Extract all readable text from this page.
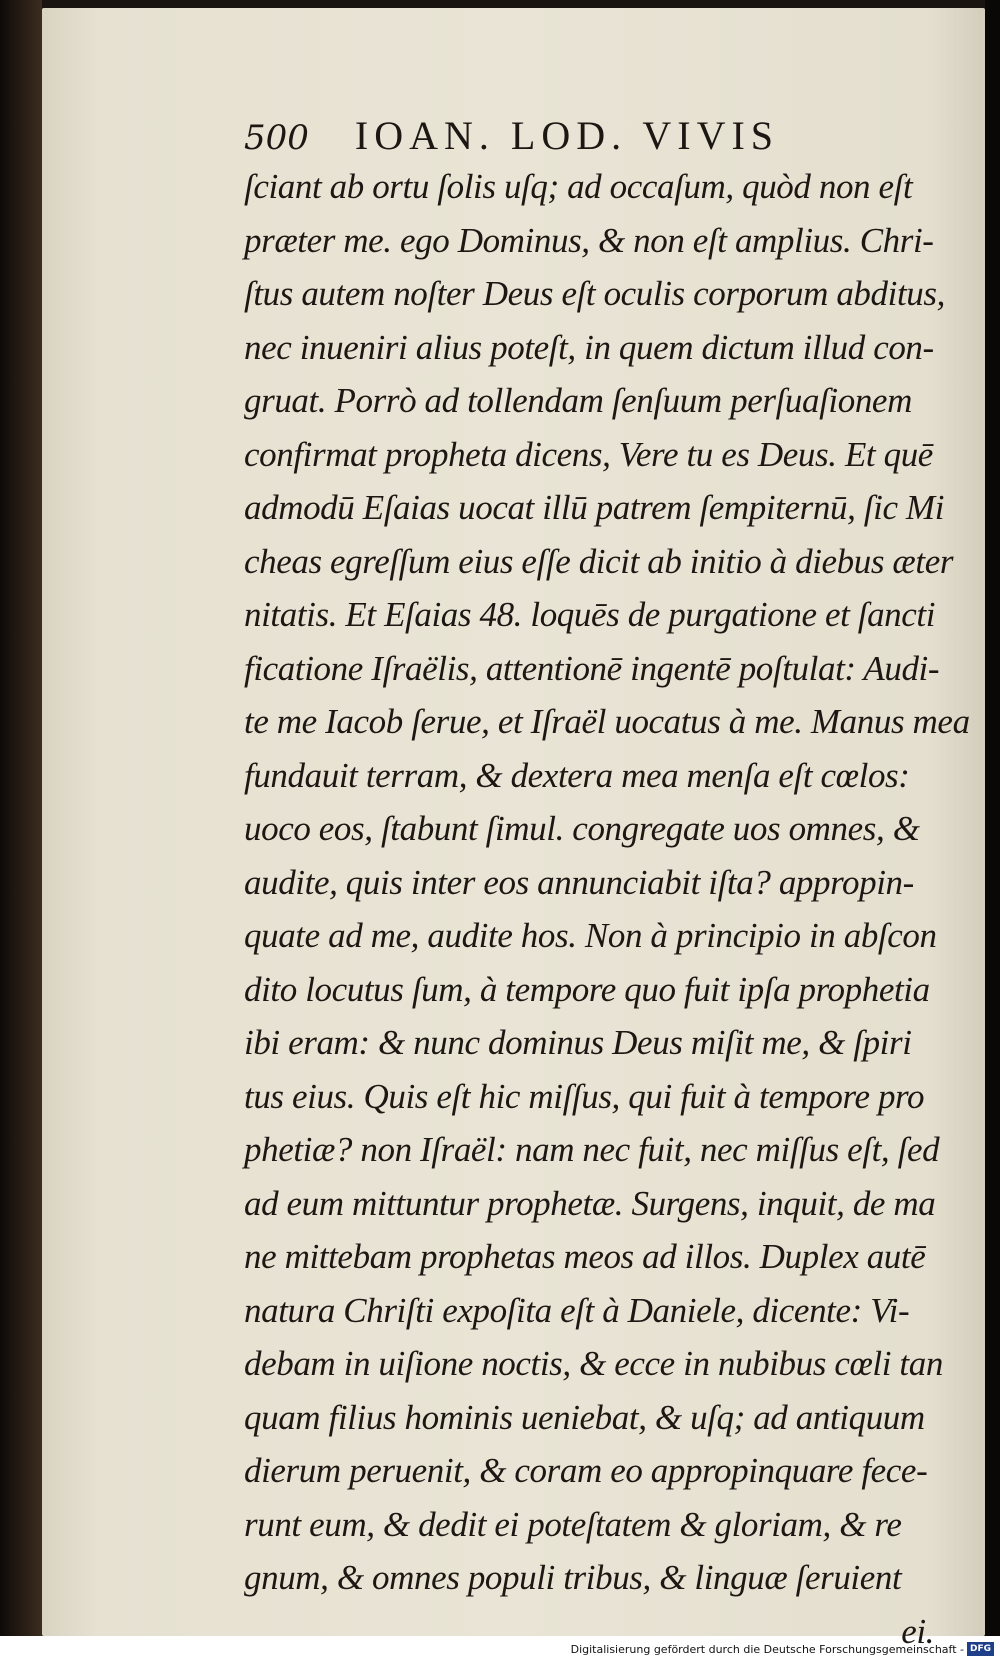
500 IOAN. LOD. VIVIS
ſciant ab ortu ſolis uſq; ad occaſum, quòd non eſt
præter me. ego Dominus, & non eſt amplius. Chri-
ſtus autem noſter Deus eſt oculis corporum abditus,
nec inueniri alius poteſt, in quem dictum illud con-
gruat. Porrò ad tollendam ſenſuum perſuaſionem
confirmat propheta dicens, Vere tu es Deus. Et quē
admodū Eſaias uocat illū patrem ſempiternū, ſic Mi
cheas egreſſum eius eſſe dicit ab initio à diebus æter
nitatis. Et Eſaias 48. loquēs de purgatione et ſancti
ficatione Iſraëlis, attentionē ingentē poſtulat: Audi-
te me Iacob ſerue, et Iſraël uocatus à me. Manus mea
fundauit terram, & dextera mea menſa eſt cœlos:
uoco eos, ſtabunt ſimul. congregate uos omnes, &
audite, quis inter eos annunciabit iſta? appropin-
quate ad me, audite hos. Non à principio in abſcon
dito locutus ſum, à tempore quo fuit ipſa prophetia
ibi eram: & nunc dominus Deus miſit me, & ſpiri
tus eius. Quis eſt hic miſſus, qui fuit à tempore pro
phetiæ? non Iſraël: nam nec fuit, nec miſſus eſt, ſed
ad eum mittuntur prophetæ. Surgens, inquit, de ma
ne mittebam prophetas meos ad illos. Duplex autē
natura Chriſti expoſita eſt à Daniele, dicente: Vi-
debam in uiſione noctis, & ecce in nubibus cœli tan
quam filius hominis ueniebat, & uſq; ad antiquum
dierum peruenit, & coram eo appropinquare fece-
runt eum, & dedit ei poteſtatem & gloriam, & re
gnum, & omnes populi tribus, & linguæ ſeruient
ei.
Digitalisierung gefördert durch die Deutsche Forschungsgemeinschaft - DFG
